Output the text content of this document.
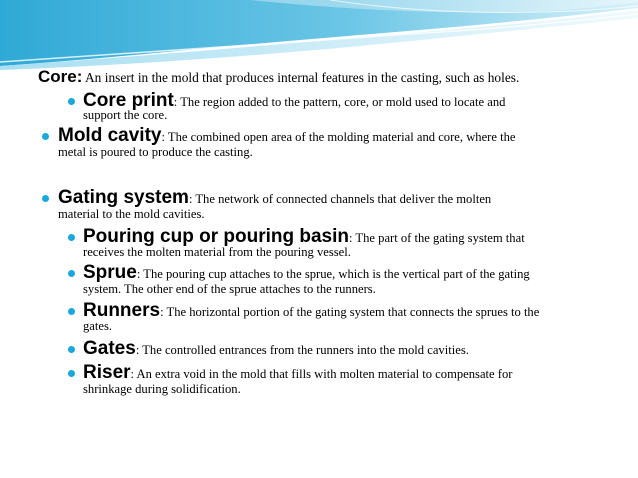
Core: An insert in the mold that produces internal features in the casting, such as holes.
Core print: The region added to the pattern, core, or mold used to locate and
support the core.
Mold cavity: The combined open area of the molding material and core, where the
metal is poured to produce the casting.
Gating system: The network of connected channels that deliver the molten
material to the mold cavities.
Pouring cup or pouring basin: The part of the gating system that
receives the molten material from the pouring vessel.
Sprue: The pouring cup attaches to the sprue, which is the vertical part of the gating
system. The other end of the sprue attaches to the runners.
Runners: The horizontal portion of the gating system that connects the sprues to the
gates.
Gates: The controlled entrances from the runners into the mold cavities.
Riser: An extra void in the mold that fills with molten material to compensate for
shrinkage during solidification.
